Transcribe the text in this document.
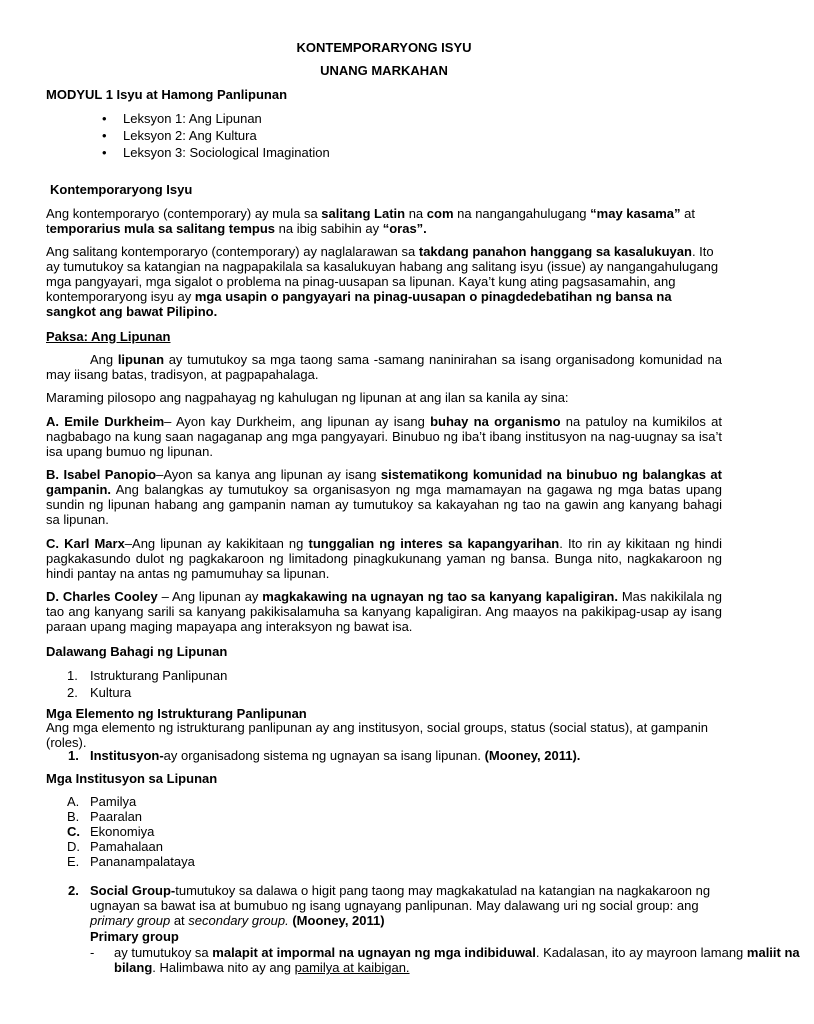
KONTEMPORARYONG ISYU
UNANG MARKAHAN
MODYUL 1 Isyu at Hamong Panlipunan
• Leksyon 1: Ang Lipunan
• Leksyon 2: Ang Kultura
• Leksyon 3: Sociological Imagination
Kontemporaryong Isyu

Ang kontemporaryo (contemporary) ay mula sa salitang Latin na com na nangangahulugang “may kasama” at temporarius mula sa salitang tempus na ibig sabihin ay “oras”.

Ang salitang kontemporaryo (contemporary) ay naglalarawan sa takdang panahon hanggang sa kasalukuyan. Ito ay tumutukoy sa katangian na nagpapakilala sa kasalukuyan habang ang salitang isyu (issue) ay nangangahulugang mga pangyayari, mga sigalot o problema na pinag-uusapan sa lipunan. Kaya’t kung ating pagsasamahin, ang kontemporaryong isyu ay mga usapin o pangyayari na pinag-uusapan o pinagdedebatihan ng bansa na sangkot ang bawat Pilipino.

Paksa: Ang Lipunan

Ang lipunan ay tumutukoy sa mga taong sama -samang naninirahan sa isang organisadong komunidad na may iisang batas, tradisyon, at pagpapahalaga.

Maraming pilosopo ang nagpahayag ng kahulugan ng lipunan at ang ilan sa kanila ay sina:

A. Emile Durkheim– Ayon kay Durkheim, ang lipunan ay isang buhay na organismo na patuloy na kumikilos at nagbabago na kung saan nagaganap ang mga pangyayari. Binubuo ng iba’t ibang institusyon na nag-uugnay sa isa’t isa upang bumuo ng lipunan.

B. Isabel Panopio–Ayon sa kanya ang lipunan ay isang sistematikong komunidad na binubuo ng balangkas at gampanin. Ang balangkas ay tumutukoy sa organisasyon ng mga mamamayan na gagawa ng mga batas upang sundin ng lipunan habang ang gampanin naman ay tumutukoy sa kakayahan ng tao na gawin ang kanyang bahagi sa lipunan.

C. Karl Marx–Ang lipunan ay kakikitaan ng tunggalian ng interes sa kapangyarihan. Ito rin ay kikitaan ng hindi pagkakasundo dulot ng pagkakaroon ng limitadong pinagkukunang yaman ng bansa. Bunga nito, nagkakaroon ng hindi pantay na antas ng pamumuhay sa lipunan.

D. Charles Cooley – Ang lipunan ay magkakawing na ugnayan ng tao sa kanyang kapaligiran. Mas nakikilala ng tao ang kanyang sarili sa kanyang pakikisalamuha sa kanyang kapaligiran. Ang maayos na pakikipag-usap ay isang paraan upang maging mapayapa ang interaksyon ng bawat isa.

Dalawang Bahagi ng Lipunan
1. Istrukturang Panlipunan
2. Kultura
Mga Elemento ng Istrukturang Panlipunan

Ang mga elemento ng istrukturang panlipunan ay ang institusyon, social groups, status (social status), at gampanin (roles).

1. Institusyon-ay organisadong sistema ng ugnayan sa isang lipunan. (Mooney, 2011).

Mga Institusyon sa Lipunan
A. Pamilya
B. Paaralan
C. Ekonomiya
D. Pamahalaan
E. Pananampalataya

2. Social Group-tumutukoy sa dalawa o higit pang taong may magkakatulad na katangian na nagkakaroon ng ugnayan sa bawat isa at bumubuo ng isang ugnayang panlipunan. May dalawang uri ng social group: ang primary group at secondary group. (Mooney, 2011)

Primary group

- ay tumutukoy sa malapit at impormal na ugnayan ng mga indibiduwal. Kadalasan, ito ay mayroon lamang maliit na bilang. Halimbawa nito ay ang pamilya at kaibigan.
